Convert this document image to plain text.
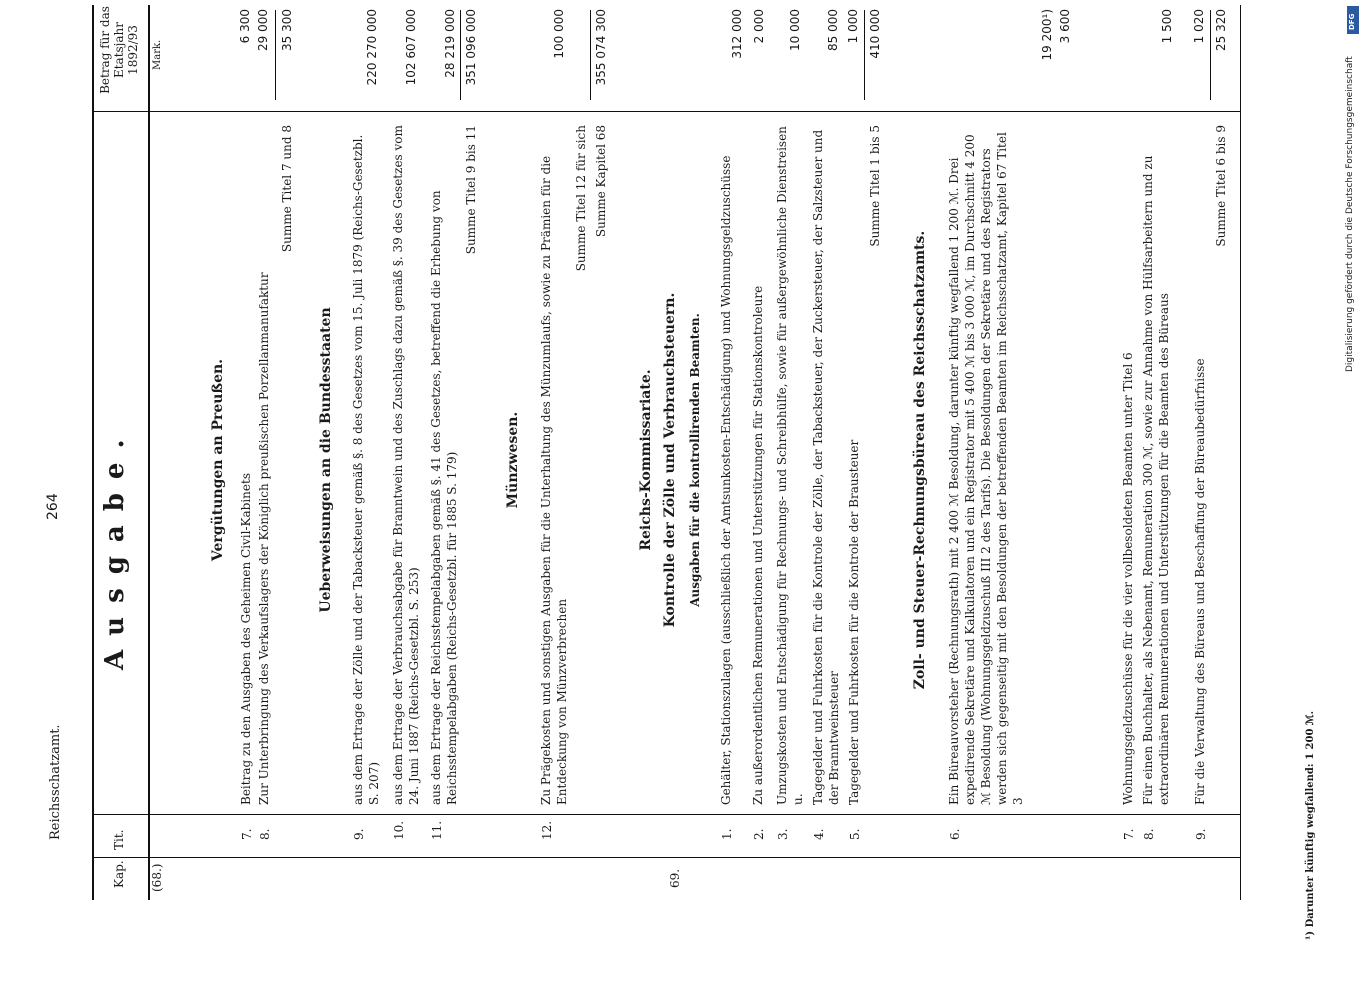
Reichsschatzamt.
264
Kap.
Tit.
Ausgabe.
Betrag für das Etatsjahr 1892/93 Mark.
(68.)	69.
Vergütungen an Preußen.
7.
Beitrag zu den Ausgaben des Geheimen Civil-Kabinets
6 300
8.
Zur Unterbringung des Verkaufslagers der Königlich preußischen Porzellanmanufaktur
29 000
Summe Titel 7 und 8
35 300
Ueberweisungen an die Bundesstaaten
9.
aus dem Ertrage der Zölle und der Tabacksteuer gemäß §. 8 des Gesetzes vom 15. Juli 1879 (Reichs-Gesetzbl. S. 207)
220 270 000
10.
aus dem Ertrage der Verbrauchsabgabe für Branntwein und des Zuschlags dazu gemäß §. 39 des Gesetzes vom 24. Juni 1887 (Reichs-Gesetzbl. S. 253)
102 607 000
11.
aus dem Ertrage der Reichsstempelabgaben gemäß §. 41 des Gesetzes, betreffend die Erhebung von Reichsstempelabgaben (Reichs-Gesetzbl. für 1885 S. 179)
28 219 000
Summe Titel 9 bis 11
351 096 000
Münzwesen.
12.
Zu Prägekosten und sonstigen Ausgaben für die Unterhaltung des Münzumlaufs, sowie zu Prämien für die Entdeckung von Münzverbrechen
100 000
Summe Titel 12 für sich Summe Kapitel 68
355 074 300
Reichs-Kommissariate. Kontrolle der Zölle und Verbrauchsteuern. Ausgaben für die kontrollirenden Beamten.
1.
Gehälter, Stationszulagen (ausschließlich der Amtsunkosten-Entschädigung) und Wohnungsgeldzuschüsse
312 000
2.
Zu außerordentlichen Remunerationen und Unterstützungen für Stationskontroleure
2 000
3.
Umzugskosten und Entschädigung für Rechnungs- und Schreibhülfe, sowie für außergewöhnliche Dienstreisen u.
10 000
4.
Tagegelder und Fuhrkosten für die Kontrole der Zölle, der Tabacksteuer, der Zuckersteuer, der Salzsteuer und der Branntweinsteuer
85 000
5.
Tagegelder und Fuhrkosten für die Kontrole der Brausteuer
1 000
Summe Titel 1 bis 5
410 000
Zoll- und Steuer-Rechnungsbüreau des Reichsschatzamts.
6.
Ein Büreauvorsteher (Rechnungsrath) mit 2 400 ℳ Besoldung, darunter künftig wegfallend 1 200 ℳ. Drei expedirende Sekretäre und Kalkulatoren und ein Registrator mit 5 400 ℳ bis 3 000 ℳ, im Durchschnitt 4 200 ℳ Besoldung (Wohnungsgeldzuschuß III 2 des Tarifs). Die Besoldungen der Sekretäre und des Registrators werden sich gegenseitig mit den Besoldungen der betreffenden Beamten im Reichsschatzamt, Kapitel 67 Titel 3
19 200¹)
7.
Wohnungsgeldzuschüsse für die vier vollbesoldeten Beamten unter Titel 6
3 600
8.
Für einen Buchhalter, als Nebenamt, Remuneration 300 ℳ, sowie zur Annahme von Hülfsarbeitern und zu extraordinären Remunerationen und Unterstützungen für die Beamten des Büreaus
1 500
9.
Für die Verwaltung des Büreaus und Beschaffung der Büreaubedürfnisse
1 020
Summe Titel 6 bis 9
25 320
¹) Darunter künftig wegfallend: 1 200 ℳ.
DFG
Digitalisierung gefördert durch die Deutsche Forschungsgemeinschaft
